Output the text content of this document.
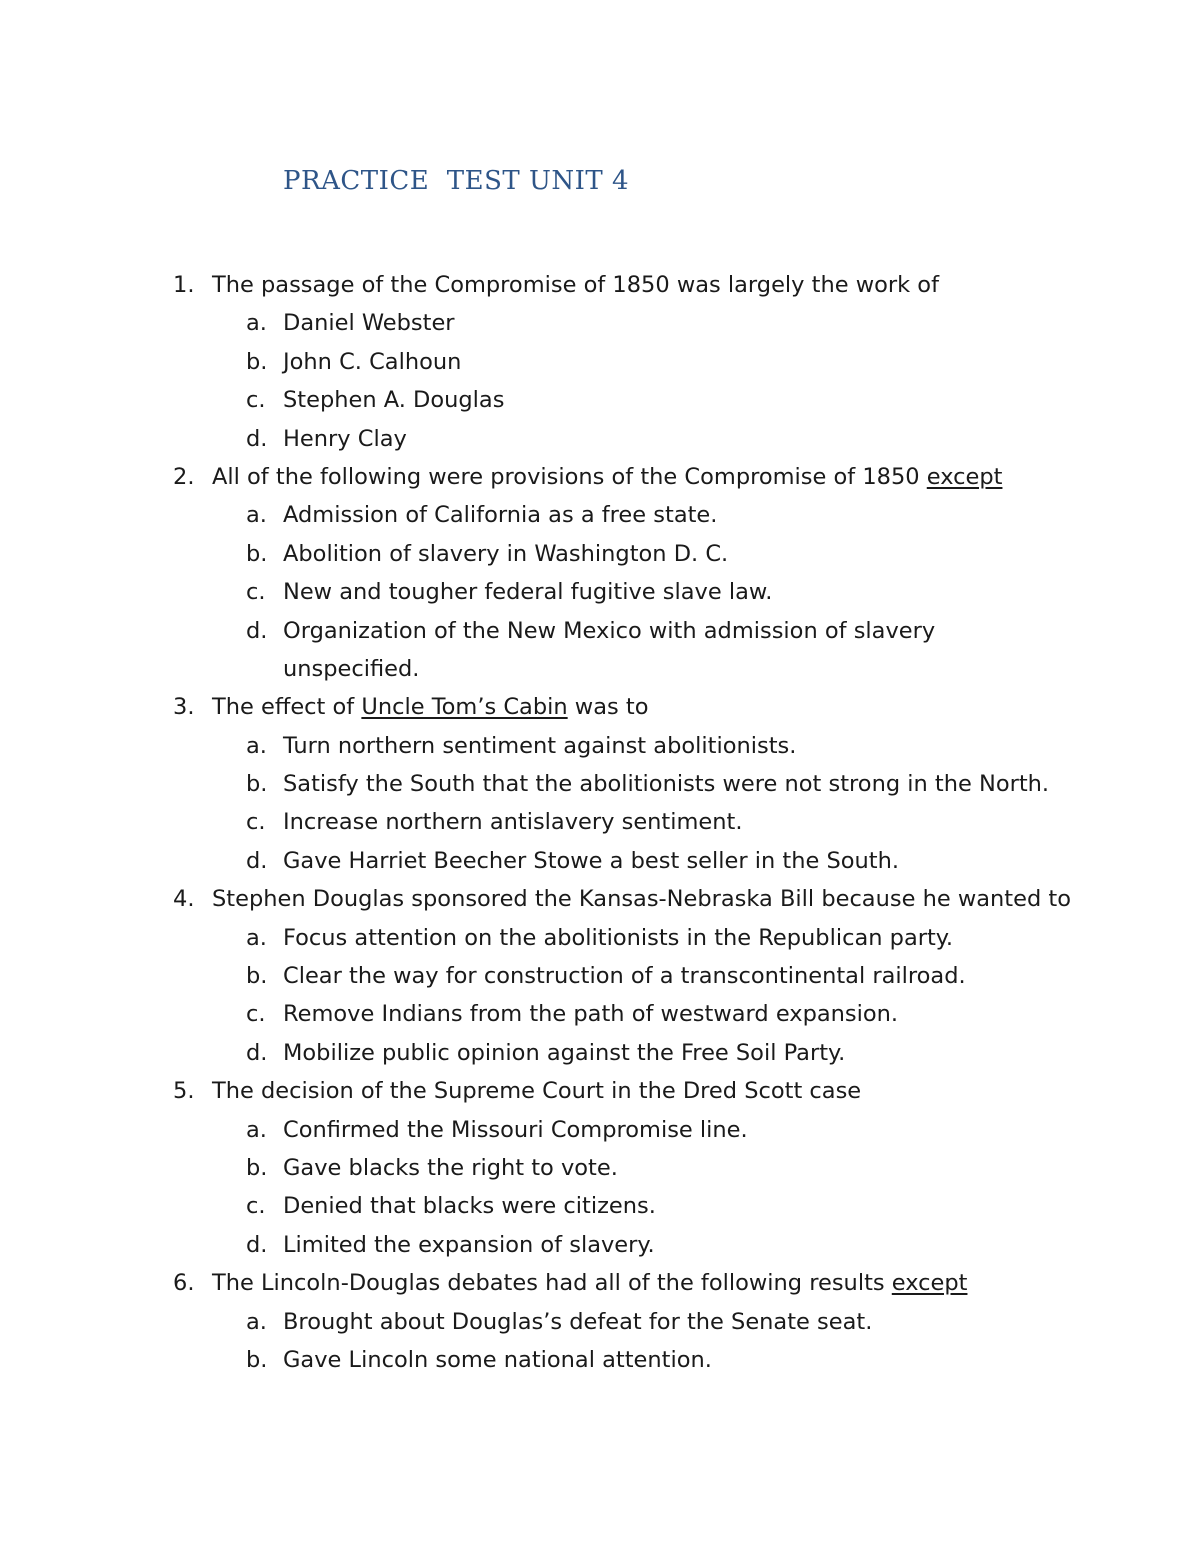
PRACTICE  TEST UNIT 4
1. The passage of the Compromise of 1850 was largely the work of
a. Daniel Webster
b. John C. Calhoun
c. Stephen A. Douglas
d. Henry Clay
2. All of the following were provisions of the Compromise of 1850 except
a. Admission of California as a free state.
b. Abolition of slavery in Washington D. C.
c. New and tougher federal fugitive slave law.
d. Organization of the New Mexico with admission of slavery
unspecified.
3. The effect of Uncle Tom’s Cabin was to
a. Turn northern sentiment against abolitionists.
b. Satisfy the South that the abolitionists were not strong in the North.
c. Increase northern antislavery sentiment.
d. Gave Harriet Beecher Stowe a best seller in the South.
4. Stephen Douglas sponsored the Kansas-Nebraska Bill because he wanted to
a. Focus attention on the abolitionists in the Republican party.
b. Clear the way for construction of a transcontinental railroad.
c. Remove Indians from the path of westward expansion.
d. Mobilize public opinion against the Free Soil Party.
5. The decision of the Supreme Court in the Dred Scott case
a. Confirmed the Missouri Compromise line.
b. Gave blacks the right to vote.
c. Denied that blacks were citizens.
d. Limited the expansion of slavery.
6. The Lincoln-Douglas debates had all of the following results except
a. Brought about Douglas’s defeat for the Senate seat.
b. Gave Lincoln some national attention.
